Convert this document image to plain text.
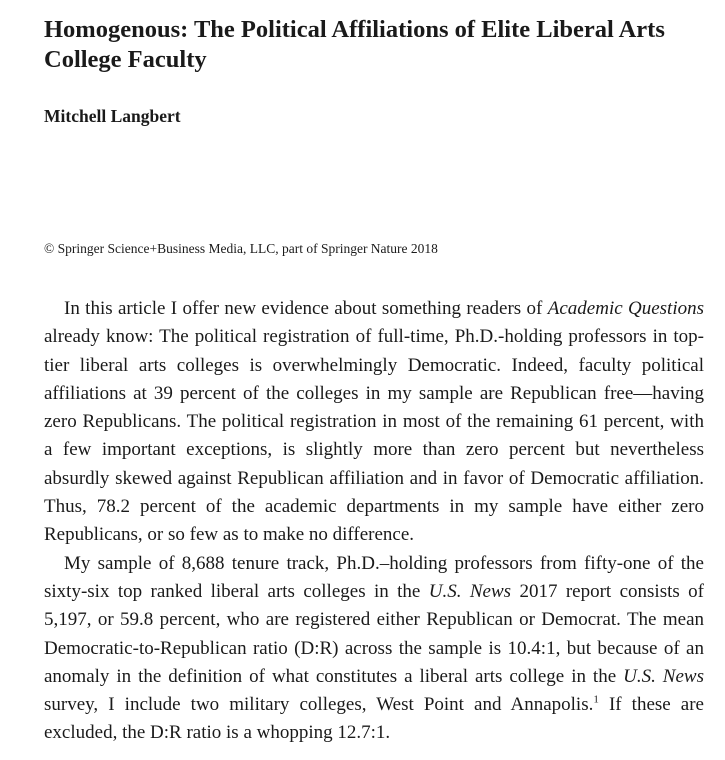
Homogenous: The Political Affiliations of Elite Liberal Arts College Faculty

Mitchell Langbert

© Springer Science+Business Media, LLC, part of Springer Nature 2018

In this article I offer new evidence about something readers of Academic Questions already know: The political registration of full-time, Ph.D.-holding professors in top-tier liberal arts colleges is overwhelmingly Democratic. Indeed, faculty political affiliations at 39 percent of the colleges in my sample are Republican free—having zero Republicans. The political registration in most of the remaining 61 percent, with a few important exceptions, is slightly more than zero percent but nevertheless absurdly skewed against Republican affiliation and in favor of Democratic affiliation. Thus, 78.2 percent of the academic departments in my sample have either zero Republicans, or so few as to make no difference.

My sample of 8,688 tenure track, Ph.D.–holding professors from fifty-one of the sixty-six top ranked liberal arts colleges in the U.S. News 2017 report consists of 5,197, or 59.8 percent, who are registered either Republican or Democrat. The mean Democratic-to-Republican ratio (D:R) across the sample is 10.4:1, but because of an anomaly in the definition of what constitutes a liberal arts college in the U.S. News survey, I include two military colleges, West Point and Annapolis.$^1$ If these are excluded, the D:R ratio is a whopping 12.7:1.
